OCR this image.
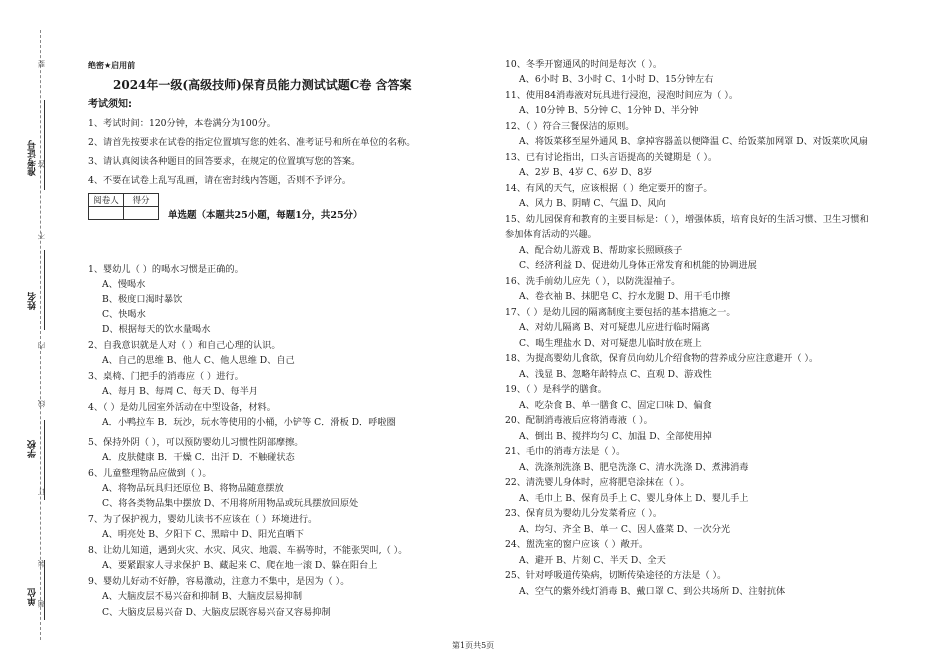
准考证号
姓名
学校
单位
要
答
不
内
线
订
装
题
绝密★启用前
2024年一级(高级技师)保育员能力测试试题C卷 含答案
考试须知:
1、考试时间：120分钟，本卷满分为100分。
2、请首先按要求在试卷的指定位置填写您的姓名、准考证号和所在单位的名称。
3、请认真阅读各种题目的回答要求，在规定的位置填写您的答案。
4、不要在试卷上乱写乱画，请在密封线内答题，否则不予评分。
阅卷人	得分

单选题（本题共25小题，每题1分，共25分）
1、婴幼儿（ ）的喝水习惯是正确的。
A、慢喝水
B、极度口渴时暴饮
C、快喝水
D、根据每天的饮水量喝水
2、自我意识就是人对（ ）和自己心理的认识。
A、自己的思维 B、他人 C、他人思维 D、自己
3、桌椅、门把手的消毒应（ ）进行。
A、每月 B、每周 C、每天 D、每半月
4、（ ）是幼儿园室外活动在中型设备，材料。
A．小鸭拉车 B．玩沙，玩水等使用的小桶，小铲等 C．滑板 D．呼啦圈
5、保持外阴（ ），可以预防婴幼儿习惯性阴部摩擦。
A．皮肤健康 B．干燥 C．出汗 D．不触碰状态
6、儿童整理物品应做到（ ）。
A、将物品玩具归还原位 B、将物品随意摆放
C、将各类物品集中摆放 D、不用将所用物品或玩具摆放回原处
7、为了保护视力，婴幼儿读书不应该在（ ）环境进行。
A、明亮处 B、夕阳下 C、黑暗中 D、阳光直晒下
8、让幼儿知道，遇到火灾、水灾、风灾、地震、车祸等时，不能张哭叫,（ ）。
A、要紧跟家人寻求保护 B、藏起来 C、爬在地一滚 D、躲在阳台上
9、婴幼儿好动不好静，容易激动，注意力不集中，是因为（ ）。
A、大脑皮层不易兴奋和抑制 B、大脑皮层易抑制
C、大脑皮层易兴奋 D、大脑皮层既容易兴奋又容易抑制
10、冬季开窗通风的时间是每次（ ）。
A、6小时 B、3小时 C、1小时 D、15分钟左右
11、使用84消毒液对玩具进行浸泡，浸泡时间应为（ ）。
A、10分钟 B、5分钟 C、1分钟 D、半分钟
12、（ ）符合三餐保洁的原则。
A、将饭菜移至屋外通风 B、拿掉容器盖以便降温 C、给饭菜加网罩 D、对饭菜吹风扇
13、已有讨论指出，口头言语提高的关键期是（ ）。
A、2岁 B、4岁 C、6岁 D、8岁
14、有风的天气，应该根据（ ）绝定要开的窗子。
A、风力 B、阴晴 C、气温 D、风向
15、幼儿园保育和教育的主要目标是：（ ），增强体质，培育良好的生活习惯、卫生习惯和
参加体育活动的兴趣。
A、配合幼儿游戏 B、帮助家长照顾孩子
C、经济利益 D、促进幼儿身体正常发育和机能的协调进展
16、洗手前幼儿应先（ ），以防洗湿袖子。
A、卷衣袖 B、抹肥皂 C、拧水龙腿 D、用干毛巾擦
17、（ ）是幼儿园的隔离制度主要包括的基本措施之一。
A、对幼儿隔离 B、对可疑患儿应进行临时隔离
C、喝生理盐水 D、对可疑患儿临时放在班上
18、为提高婴幼儿食欲，保育员向幼儿介绍食物的营养成分应注意避开（ ）。
A、浅显 B、忽略年龄特点 C、直观 D、游戏性
19、（ ）是科学的膳食。
A、吃杂食 B、单一膳食 C、固定口味 D、偏食
20、配制消毒液后应将消毒液（ ）。
A、倒出 B、搅拌均匀 C、加温 D、全部使用掉
21、毛巾的消毒方法是（ ）。
A、洗涤剂洗涤 B、肥皂洗涤 C、清水洗涤 D、煮沸消毒
22、清洗婴儿身体时，应将肥皂涂抹在（ ）。
A、毛巾上 B、保育员手上 C、婴儿身体上 D、婴儿手上
23、保育员为婴幼儿分发菜肴应（ ）。
A、均匀、齐全 B、单一 C、因人盛菜 D、一次分光
24、盥洗室的窗户应该（ ）敞开。
A、避开 B、片刻 C、半天 D、全天
25、针对呼吸道传染病，切断传染途径的方法是（ ）。
A、空气的紫外线灯消毒 B、戴口罩 C、到公共场所 D、注射抗体
第1页共5页
